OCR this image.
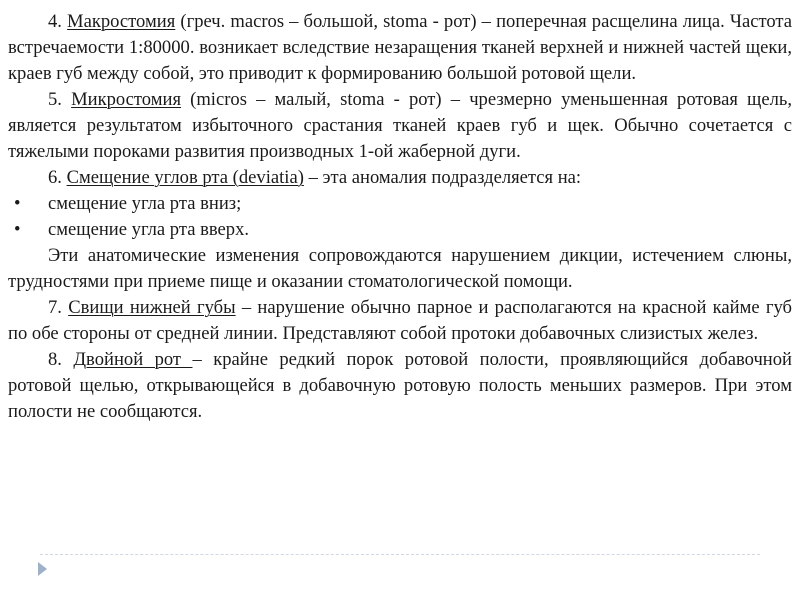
4. Макростомия (греч. macros – большой, stoma - рот) – поперечная расщелина лица. Частота встречаемости 1:80000. возникает вследствие незаращения тканей верхней и нижней частей щеки, краев губ между собой, это приводит к формированию большой ротовой щели.

5. Микростомия (micros – малый, stoma - рот) – чрезмерно уменьшенная ротовая щель, является результатом избыточного срастания тканей краев губ и щек. Обычно сочетается с тяжелыми пороками развития производных 1-ой жаберной дуги.

6. Смещение углов рта (deviatia) – эта аномалия подразделяется на:

• смещение угла рта вниз;

• смещение угла рта вверх.

Эти анатомические изменения сопровождаются нарушением дикции, истечением слюны, трудностями при приеме пище и оказании стоматологической помощи.

7. Свищи нижней губы – нарушение обычно парное и располагаются на красной кайме губ по обе стороны от средней линии. Представляют собой протоки добавочных слизистых желез.

8. Двойной рот – крайне редкий порок ротовой полости, проявляющийся добавочной ротовой щелью, открывающейся в добавочную ротовую полость меньших размеров. При этом полости не сообщаются.
